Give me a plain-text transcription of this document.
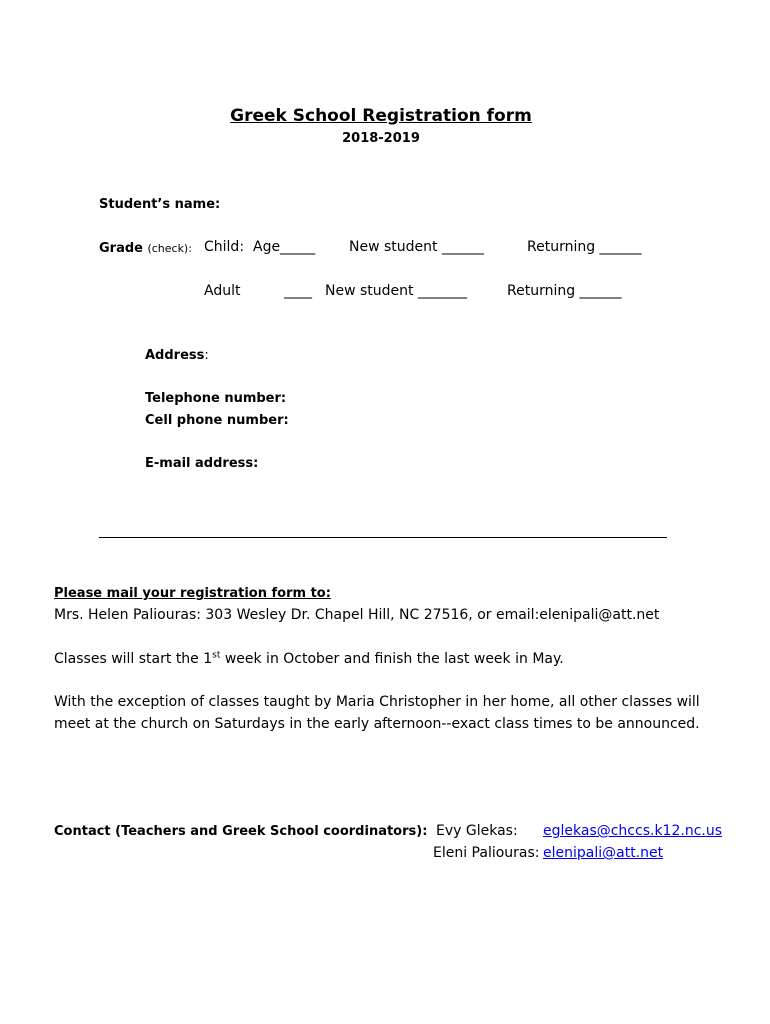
Greek School Registration form
2018-2019
Student’s name:
Grade (check): Child: Age_____ New student ______	Returning ______
Adult	____ New student _______	Returning ______
Address:
Telephone number:
Cell phone number:
E-mail address:
Please mail your registration form to:
Mrs. Helen Paliouras: 303 Wesley Dr. Chapel Hill, NC 27516, or email:elenipali@att.net
Classes will start the 1st week in October and finish the last week in May.
With the exception of classes taught by Maria Christopher in her home, all other classes will
meet at the church on Saturdays in the early afternoon--exact class times to be announced.
Contact (Teachers and Greek School coordinators): Evy Glekas: eglekas@chccs.k12.nc.us
Eleni Paliouras: elenipali@att.net
